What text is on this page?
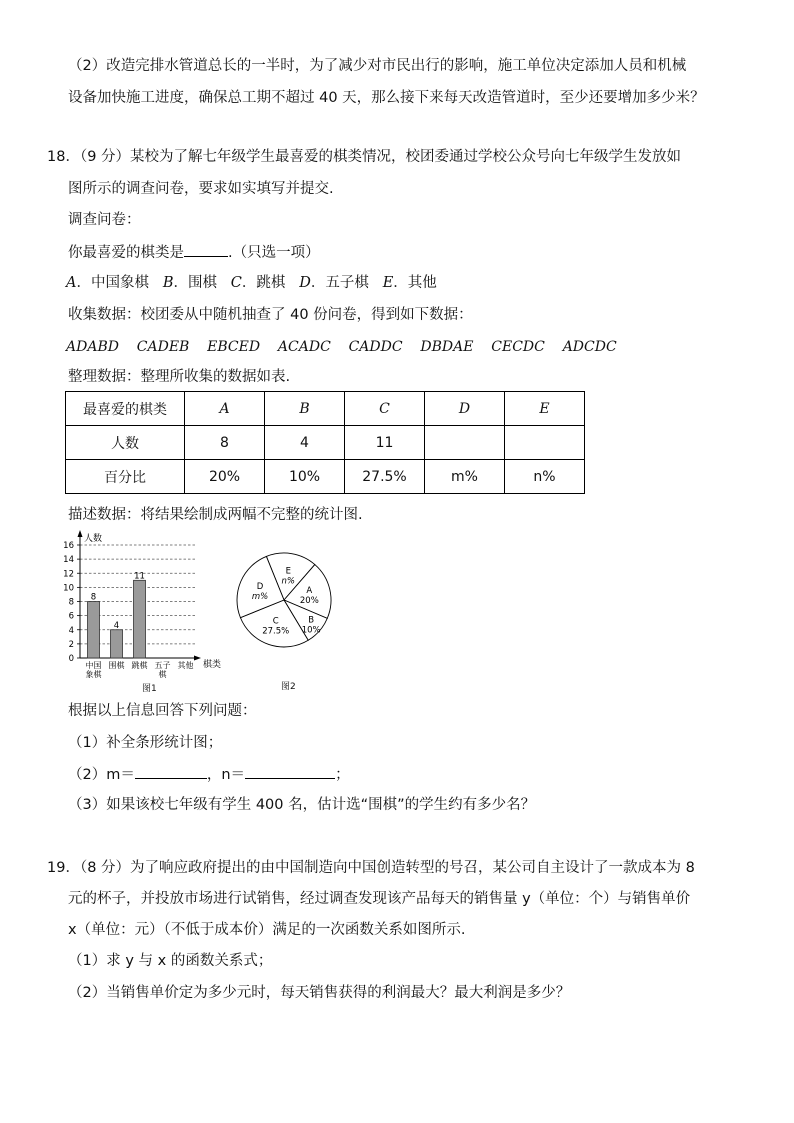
（2）改造完排水管道总长的一半时，为了减少对市民出行的影响，施工单位决定添加人员和机械
设备加快施工进度，确保总工期不超过 40 天，那么接下来每天改造管道时，至少还要增加多少米？
18．（9 分）某校为了解七年级学生最喜爱的棋类情况，校团委通过学校公众号向七年级学生发放如
图所示的调查问卷，要求如实填写并提交.
调查问卷：
你最喜爱的棋类是	.（只选一项）
A．中国象棋 B．围棋 C．跳棋 D．五子棋 E．其他
收集数据：校团委从中随机抽查了 40 份问卷，得到如下数据：
ADABD CADEB EBCED ACADC CADDC DBDAE CECDC ADCDC
整理数据：整理所收集的数据如表.
最喜爱的棋类	A	B	C	D	E
人数	8	4	11		
百分比	20%	10%	27.5%	m%	n%
描述数据：将结果绘制成两幅不完整的统计图.
0
2
4
6
8
10
12
14
16
8
中国
象棋
4
围棋
11
跳棋 五子
棋
其他
人数
棋类
图1
E
n%
A
20%
B
10%
C
27.5%
D
m%
图2
根据以上信息回答下列问题：
（1）补全条形统计图；
（2）m＝	，n＝	；
（3）如果该校七年级有学生 400 名，估计选“围棋”的学生约有多少名？
19．（8 分）为了响应政府提出的由中国制造向中国创造转型的号召，某公司自主设计了一款成本为 8
元的杯子，并投放市场进行试销售，经过调查发现该产品每天的销售量 y（单位：个）与销售单价
x（单位：元）（不低于成本价）满足的一次函数关系如图所示.
（1）求 y 与 x 的函数关系式；
（2）当销售单价定为多少元时，每天销售获得的利润最大？最大利润是多少？
